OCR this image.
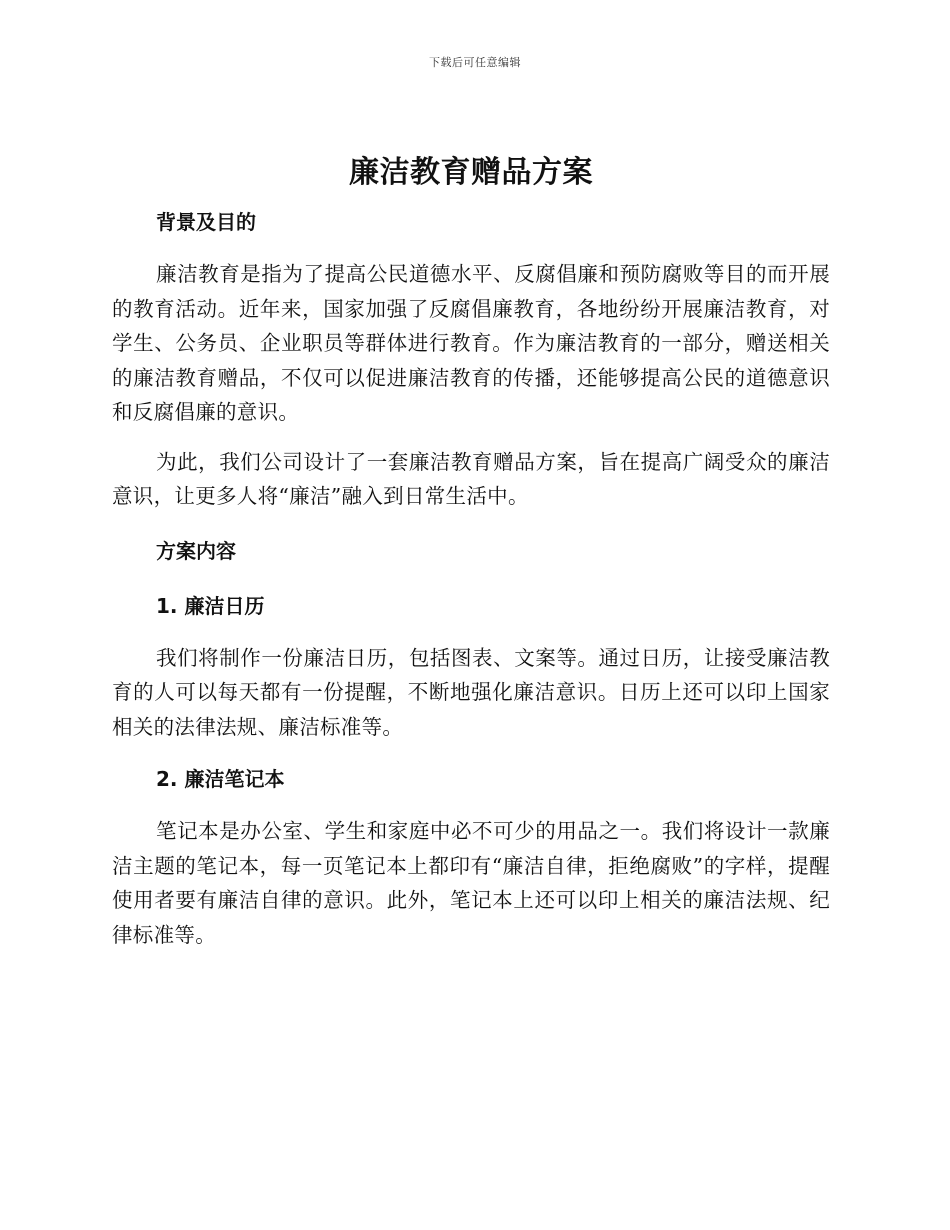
下载后可任意编辑
廉洁教育赠品方案
背景及目的

廉洁教育是指为了提高公民道德水平、反腐倡廉和预防腐败等目的而开展的教育活动。近年来，国家加强了反腐倡廉教育，各地纷纷开展廉洁教育，对学生、公务员、企业职员等群体进行教育。作为廉洁教育的一部分，赠送相关的廉洁教育赠品，不仅可以促进廉洁教育的传播，还能够提高公民的道德意识和反腐倡廉的意识。

为此，我们公司设计了一套廉洁教育赠品方案，旨在提高广阔受众的廉洁意识，让更多人将“廉洁”融入到日常生活中。

方案内容
1. 廉洁日历

我们将制作一份廉洁日历，包括图表、文案等。通过日历，让接受廉洁教育的人可以每天都有一份提醒，不断地强化廉洁意识。日历上还可以印上国家相关的法律法规、廉洁标准等。

2. 廉洁笔记本

笔记本是办公室、学生和家庭中必不可少的用品之一。我们将设计一款廉洁主题的笔记本，每一页笔记本上都印有“廉洁自律，拒绝腐败”的字样，提醒使用者要有廉洁自律的意识。此外，笔记本上还可以印上相关的廉洁法规、纪律标准等。
